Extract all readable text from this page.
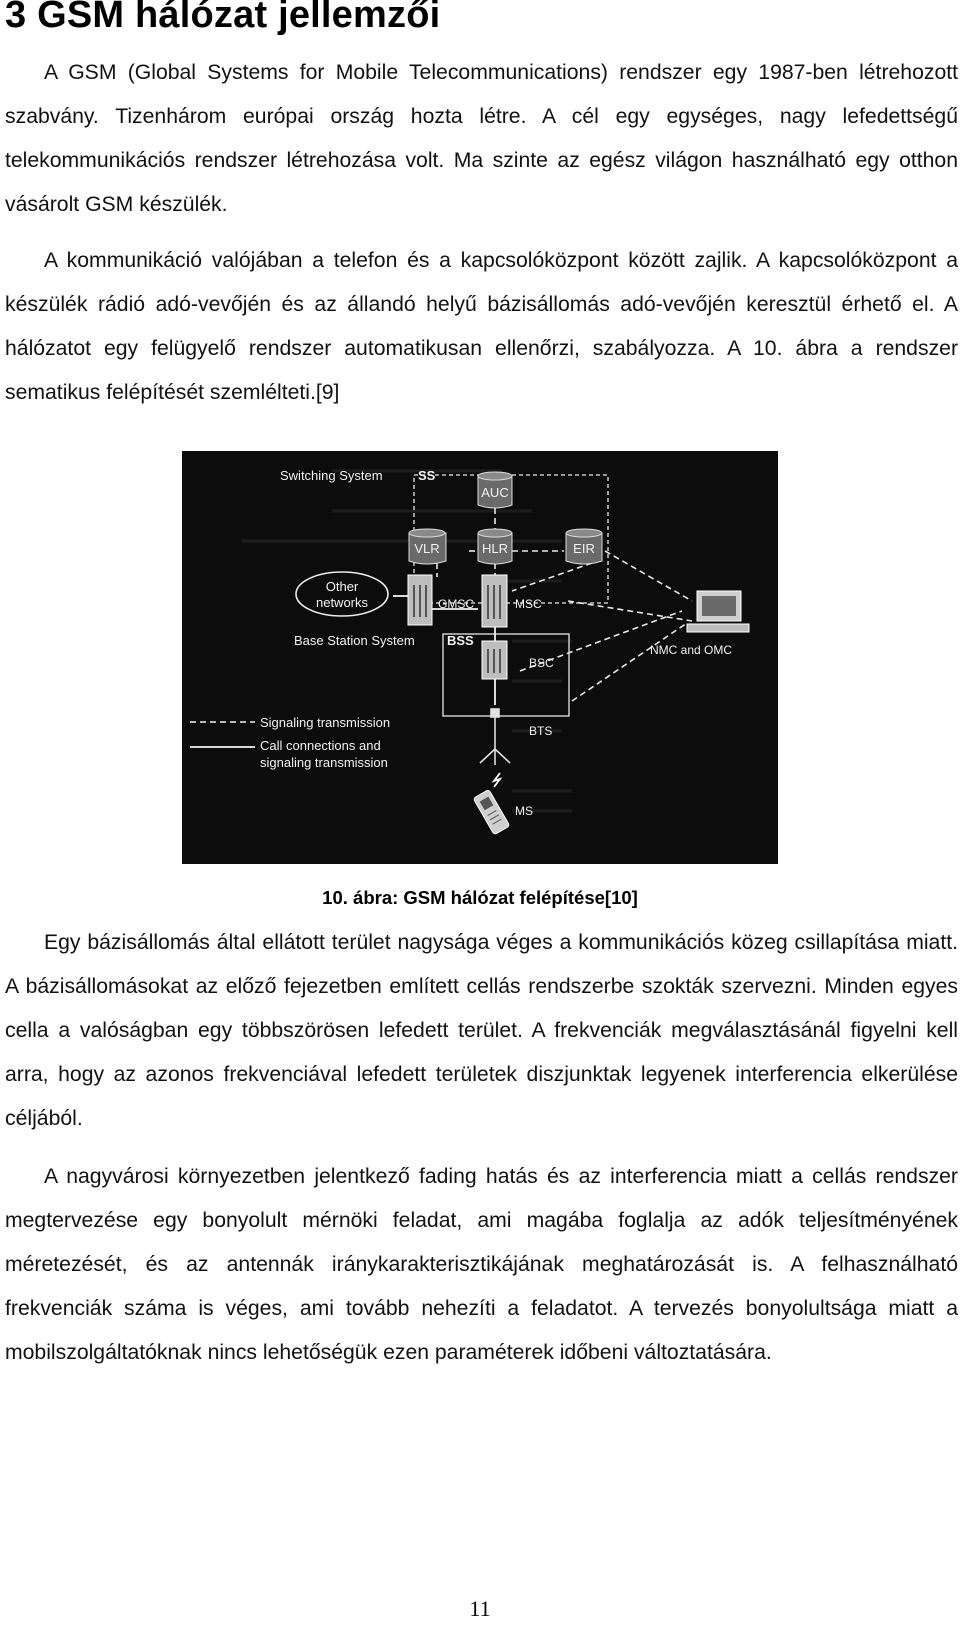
3 GSM hálózat jellemzői

A GSM (Global Systems for Mobile Telecommunications) rendszer egy 1987-ben létrehozott szabvány. Tizenhárom európai ország hozta létre. A cél egy egységes, nagy lefedettségű telekommunikációs rendszer létrehozása volt. Ma szinte az egész világon használható egy otthon vásárolt GSM készülék.

A kommunikáció valójában a telefon és a kapcsolóközpont között zajlik. A kapcsolóközpont a készülék rádió adó-vevőjén és az állandó helyű bázisállomás adó-vevőjén keresztül érhető el. A hálózatot egy felügyelő rendszer automatikusan ellenőrzi, szabályozza. A 10. ábra a rendszer sematikus felépítését szemlélteti.[9]

AUC
VLR	HLR	EIR
GMSC	MSC
Other
networks
Switching System	SS
Base Station System BSS
BSC
BTS
MS
NMC and OMC
Signaling transmission
Call connections and
signaling transmission

10. ábra: GSM hálózat felépítése[10]

Egy bázisállomás által ellátott terület nagysága véges a kommunikációs közeg csillapítása miatt. A bázisállomásokat az előző fejezetben említett cellás rendszerbe szokták szervezni. Minden egyes cella a valóságban egy többszörösen lefedett terület. A frekvenciák megválasztásánál figyelni kell arra, hogy az azonos frekvenciával lefedett területek diszjunktak legyenek interferencia elkerülése céljából.

A nagyvárosi környezetben jelentkező fading hatás és az interferencia miatt a cellás rendszer megtervezése egy bonyolult mérnöki feladat, ami magába foglalja az adók teljesítményének méretezését, és az antennák iránykarakterisztikájának meghatározását is. A felhasználható frekvenciák száma is véges, ami tovább nehezíti a feladatot. A tervezés bonyolultsága miatt a mobilszolgáltatóknak nincs lehetőségük ezen paraméterek időbeni változtatására.

11
